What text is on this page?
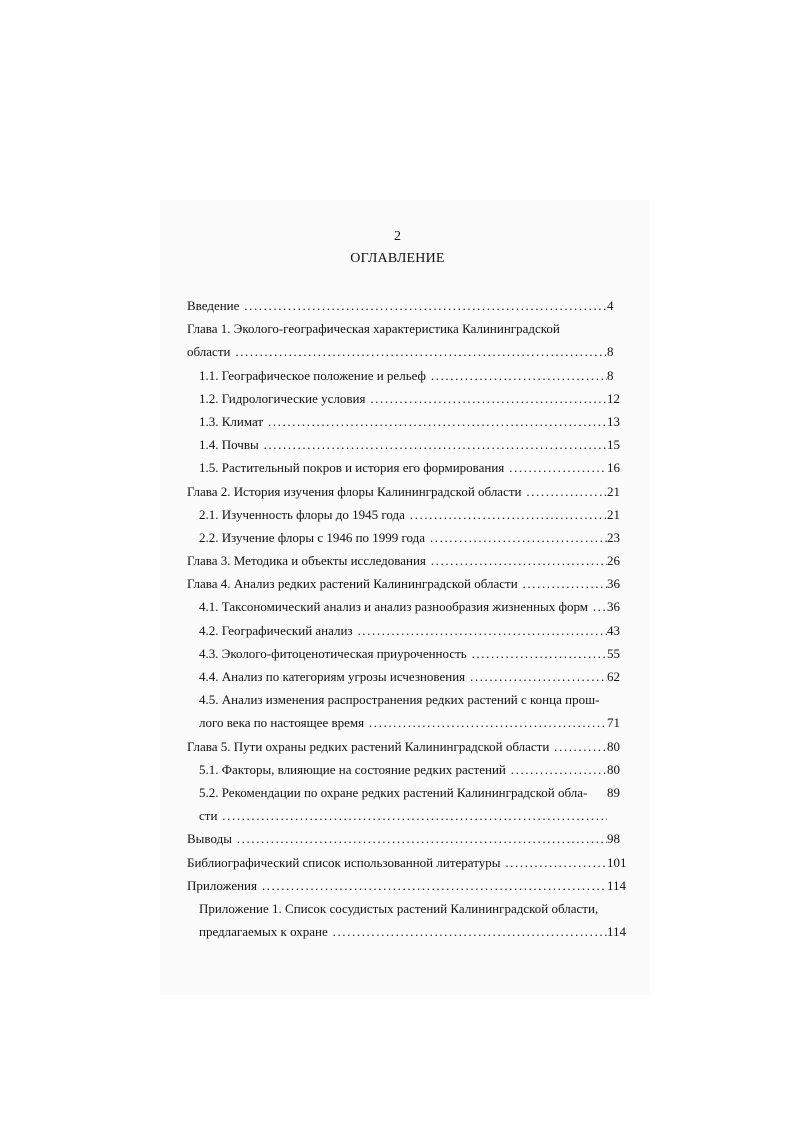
2
ОГЛАВЛЕНИЕ
Введение .....	4
Глава 1. Эколого-географическая характеристика Калининградской
области .....	8
1.1. Географическое положение и рельеф .....	8
1.2. Гидрологические условия .....	12
1.3. Климат .....	13
1.4. Почвы .....	15
1.5. Растительный покров и история его формирования .....	16
Глава 2. История изучения флоры Калининградской области .....	21
2.1. Изученность флоры до 1945 года .....	21
2.2. Изучение флоры с 1946 по 1999 года .....	23
Глава 3. Методика и объекты исследования .....	26
Глава 4. Анализ редких растений Калининградской области .....	36
4.1. Таксономический анализ и анализ разнообразия жизненных форм .....	36
4.2. Географический анализ .....	43
4.3. Эколого-фитоценотическая приуроченность .....	55
4.4. Анализ по категориям угрозы исчезновения .....	62
4.5. Анализ изменения распространения редких растений с конца прош-
лого века по настоящее время .....	71
Глава 5. Пути охраны редких растений Калининградской области .....	80
5.1. Факторы, влияющие на состояние редких растений .....	80
5.2. Рекомендации по охране редких растений Калининградской обла-	89
сти .....
Выводы .....	98
Библиографический список использованной литературы .....	101
Приложения .....	114
Приложение 1. Список сосудистых растений Калининградской области,
предлагаемых к охране .....	114
